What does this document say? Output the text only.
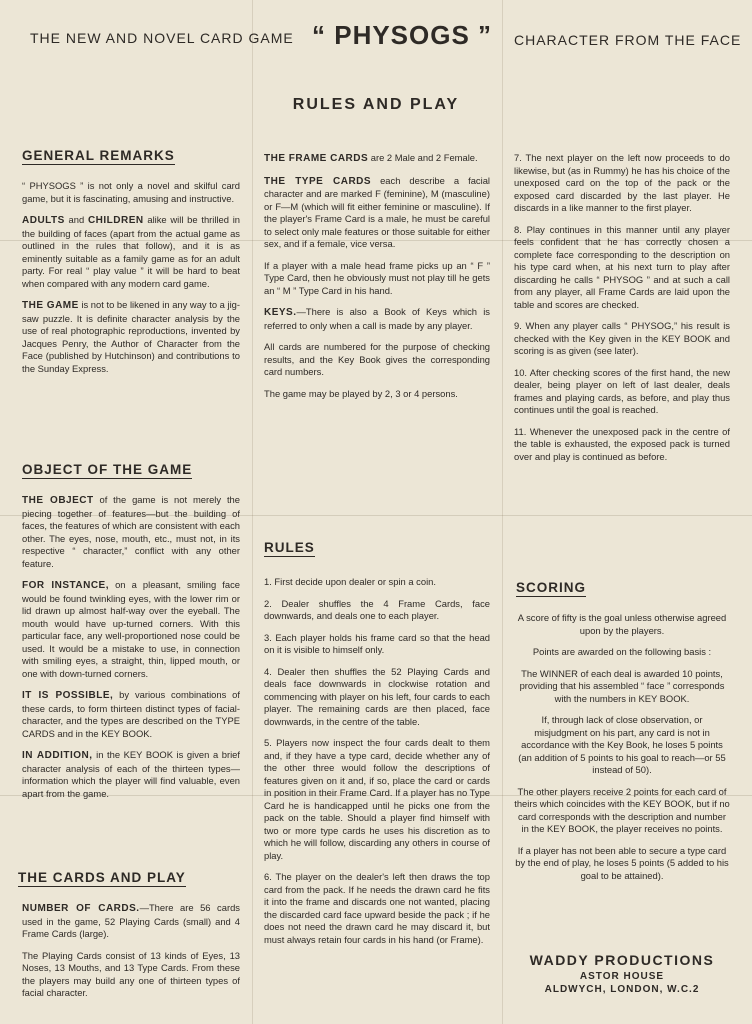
THE NEW AND NOVEL CARD GAME “ PHYSOGS ” CHARACTER FROM THE FACE
RULES AND PLAY
GENERAL REMARKS

“ PHYSOGS ” is not only a novel and skilful card game, but it is fascinating, amusing and instructive.

ADULTS and CHILDREN alike will be thrilled in the building of faces (apart from the actual game as outlined in the rules that follow), and it is as eminently suitable as a family game as for an adult party. For real “ play value ” it will be hard to beat when compared with any modern card game.

THE GAME is not to be likened in any way to a jig-saw puzzle. It is definite character analysis by the use of real photographic reproductions, invented by Jacques Penry, the Author of Character from the Face (published by Hutchinson) and contributions to the Sunday Express.

OBJECT OF THE GAME

THE OBJECT of the game is not merely the piecing together of features—but the building of faces, the features of which are consistent with each other. The eyes, nose, mouth, etc., must not, in its respective “ character,” conflict with any other feature.

FOR INSTANCE, on a pleasant, smiling face would be found twinkling eyes, with the lower rim or lid drawn up almost half-way over the eyeball. The mouth would have up-turned corners. With this particular face, any well-proportioned nose could be used. It would be a mistake to use, in connection with smiling eyes, a straight, thin, lipped mouth, or one with down-turned corners.

IT IS POSSIBLE, by various combinations of these cards, to form thirteen distinct types of facial-character, and the types are described on the TYPE CARDS and in the KEY BOOK.

IN ADDITION, in the KEY BOOK is given a brief character analysis of each of the thirteen types—information which the player will find valuable, even apart from the game.

THE CARDS AND PLAY

NUMBER OF CARDS.—There are 56 cards used in the game, 52 Playing Cards (small) and 4 Frame Cards (large).

The Playing Cards consist of 13 kinds of Eyes, 13 Noses, 13 Mouths, and 13 Type Cards. From these the players may build any one of thirteen types of facial character.

THE FRAME CARDS are 2 Male and 2 Female.

THE TYPE CARDS each describe a facial character and are marked F (feminine), M (masculine) or F—M (which will fit either feminine or masculine). If the player's Frame Card is a male, he must be careful to select only male features or those suitable for either sex, and if a female, vice versa.

If a player with a male head frame picks up an “ F ” Type Card, then he obviously must not play till he gets an “ M ” Type Card in his hand.

KEYS.—There is also a Book of Keys which is referred to only when a call is made by any player.

All cards are numbered for the purpose of checking results, and the Key Book gives the corresponding card numbers.

The game may be played by 2, 3 or 4 persons.

RULES

1. First decide upon dealer or spin a coin.

2. Dealer shuffles the 4 Frame Cards, face downwards, and deals one to each player.

3. Each player holds his frame card so that the head on it is visible to himself only.

4. Dealer then shuffles the 52 Playing Cards and deals face downwards in clockwise rotation and commencing with player on his left, four cards to each player. The remaining cards are then placed, face downwards, in the centre of the table.

5. Players now inspect the four cards dealt to them and, if they have a type card, decide whether any of the other three would follow the descriptions of features given on it and, if so, place the card or cards in position in their Frame Card. If a player has no Type Card he is handicapped until he picks one from the pack on the table. Should a player find himself with two or more type cards he uses his discretion as to which he will follow, discarding any others in course of play.

6. The player on the dealer's left then draws the top card from the pack. If he needs the drawn card he fits it into the frame and discards one not wanted, placing the discarded card face upward beside the pack ; if he does not need the drawn card he may discard it, but must always retain four cards in his hand (or Frame).

7. The next player on the left now proceeds to do likewise, but (as in Rummy) he has his choice of the unexposed card on the top of the pack or the exposed card discarded by the last player. He discards in a like manner to the first player.

8. Play continues in this manner until any player feels confident that he has correctly chosen a complete face corresponding to the description on his type card when, at his next turn to play after discarding he calls “ PHYSOG ” and at such a call from any player, all Frame Cards are laid upon the table and scores are checked.

9. When any player calls “ PHYSOG,” his result is checked with the Key given in the KEY BOOK and scoring is as given (see later).

10. After checking scores of the first hand, the new dealer, being player on left of last dealer, deals frames and playing cards, as before, and play thus continues until the goal is reached.

11. Whenever the unexposed pack in the centre of the table is exhausted, the exposed pack is turned over and play is continued as before.

SCORING

A score of fifty is the goal unless otherwise agreed upon by the players.

Points are awarded on the following basis :

The WINNER of each deal is awarded 10 points, providing that his assembled “ face ” corresponds with the numbers in KEY BOOK.

If, through lack of close observation, or misjudgment on his part, any card is not in accordance with the Key Book, he loses 5 points (an addition of 5 points to his goal to reach—or 55 instead of 50).

The other players receive 2 points for each card of theirs which coincides with the KEY BOOK, but if no card corresponds with the description and number in the KEY BOOK, the player receives no points.

If a player has not been able to secure a type card by the end of play, he loses 5 points (5 added to his goal to be attained).

WADDY PRODUCTIONS
ASTOR HOUSE
ALDWYCH, LONDON, W.C.2
